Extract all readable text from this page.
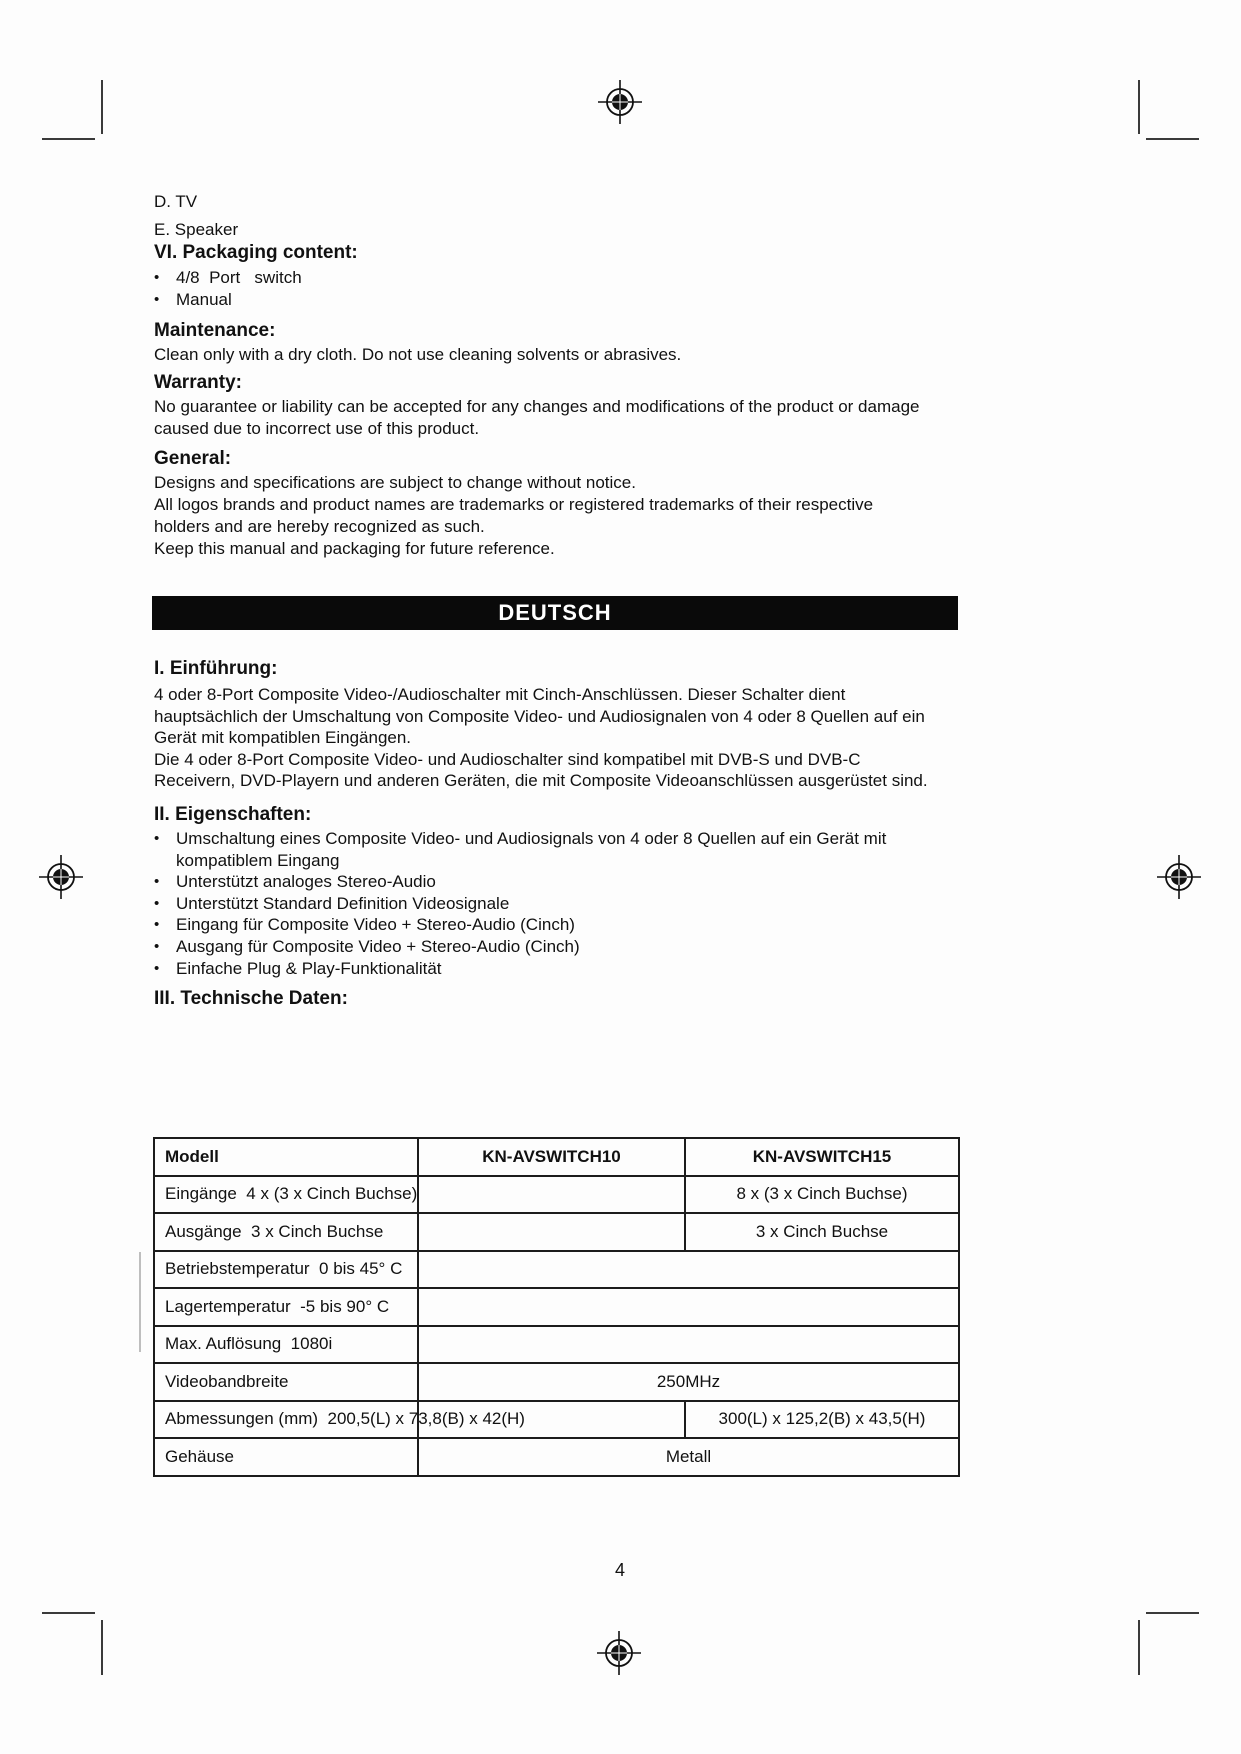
D. TV
E. Speaker
VI. Packaging content:
• 4/8  Port   switch
• Manual
Maintenance:
Clean only with a dry cloth. Do not use cleaning solvents or abrasives.
Warranty:
No guarantee or liability can be accepted for any changes and modifications of the product or damage
caused due to incorrect use of this product.
General:
Designs and specifications are subject to change without notice.
All logos brands and product names are trademarks or registered trademarks of their respective
holders and are hereby recognized as such.
Keep this manual and packaging for future reference.
DEUTSCH
I. Einführung:
4 oder 8-Port Composite Video-/Audioschalter mit Cinch-Anschlüssen. Dieser Schalter dient
hauptsächlich der Umschaltung von Composite Video- und Audiosignalen von 4 oder 8 Quellen auf ein
Gerät mit kompatiblen Eingängen.
Die 4 oder 8-Port Composite Video- und Audioschalter sind kompatibel mit DVB-S und DVB-C
Receivern, DVD-Playern und anderen Geräten, die mit Composite Videoanschlüssen ausgerüstet sind.
II. Eigenschaften:
• Umschaltung eines Composite Video- und Audiosignals von 4 oder 8 Quellen auf ein Gerät mit
kompatiblem Eingang
• Unterstützt analoges Stereo-Audio
• Unterstützt Standard Definition Videosignale
• Eingang für Composite Video + Stereo-Audio (Cinch)
• Ausgang für Composite Video + Stereo-Audio (Cinch)
• Einfache Plug & Play-Funktionalität
III. Technische Daten:
Modell	KN-AVSWITCH10	KN-AVSWITCH15
Eingänge  4 x (3 x Cinch Buchse)		8 x (3 x Cinch Buchse)
Ausgänge  3 x Cinch Buchse		3 x Cinch Buchse
Betriebstemperatur  0 bis 45° C		
Lagertemperatur  -5 bis 90° C		
Max. Auflösung  1080i		
Videobandbreite	250MHz	
Abmessungen (mm)  200,5(L) x 73,8(B) x 42(H)		300(L) x 125,2(B) x 43,5(H)
Gehäuse	Metall	
4
